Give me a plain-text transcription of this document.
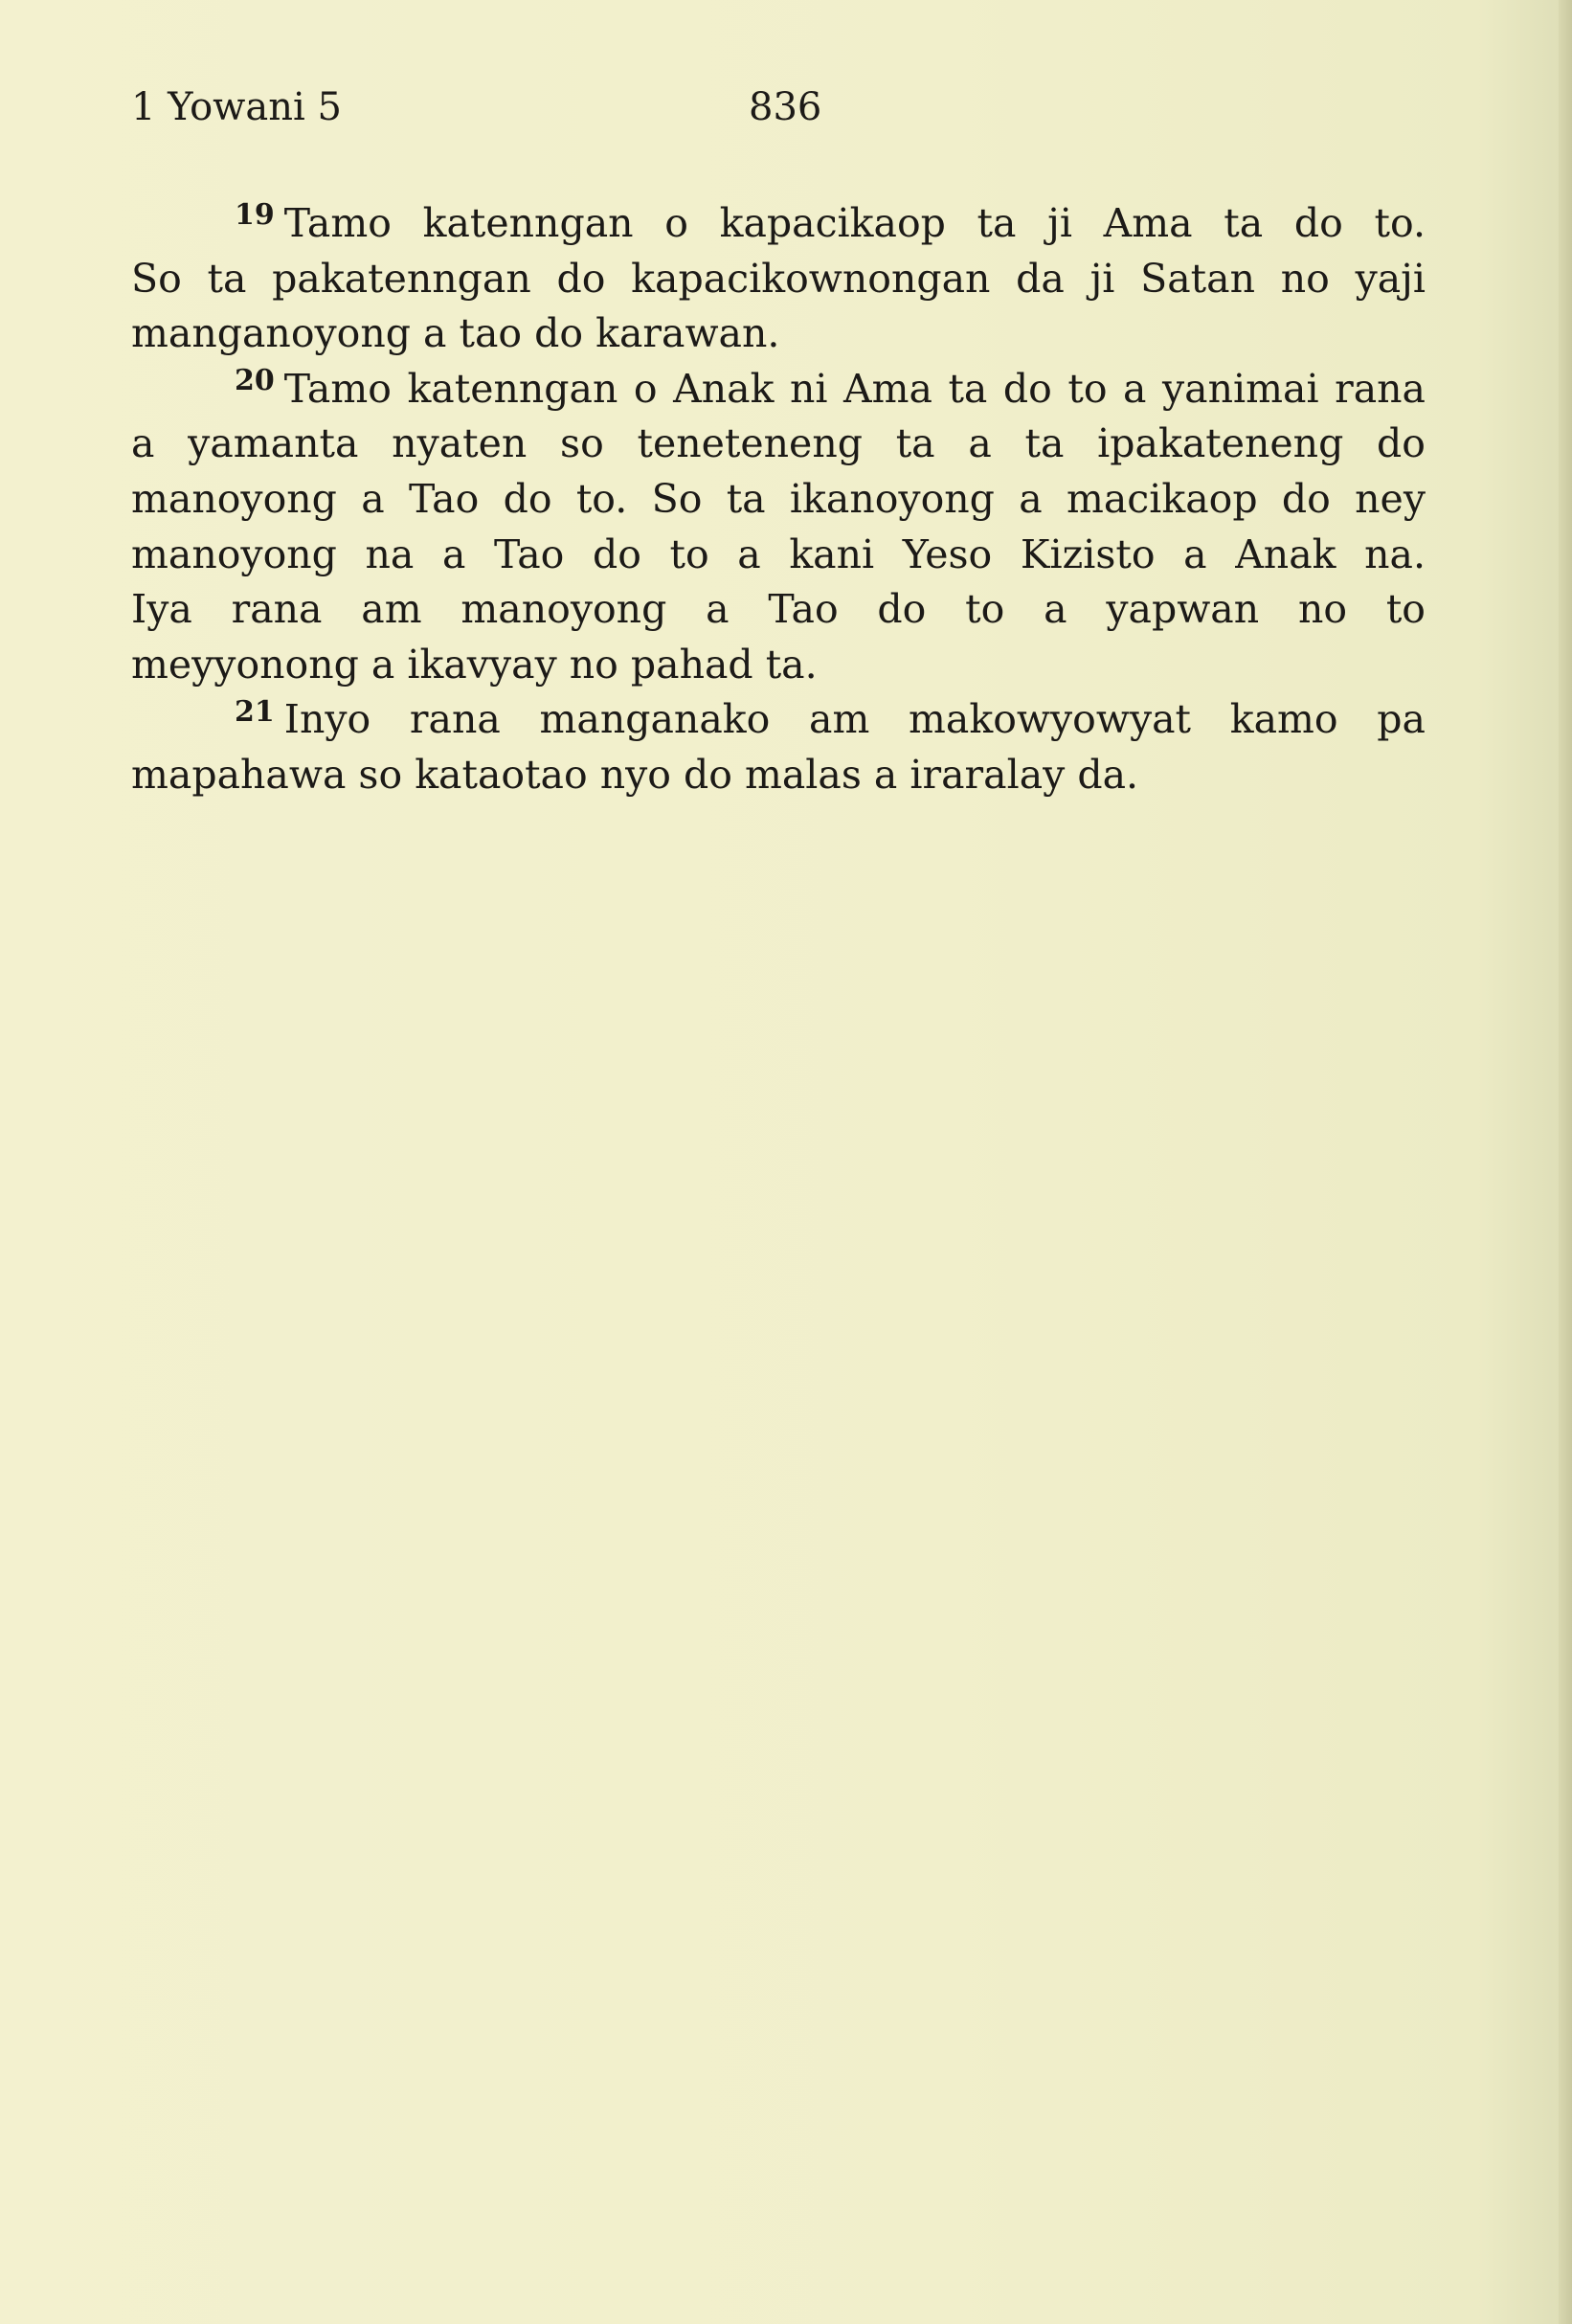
1 Yowani 5	836

$^{19}$ Tamo katenngan o kapacikaop ta ji Ama ta do to.
So ta pakatenngan do kapacikownongan da ji Satan no yaji
manganoyong a tao do karawan.

$^{20}$ Tamo katenngan o Anak ni Ama ta do to a yanimai rana
a yamanta nyaten so teneteneng ta a ta ipakateneng do
manoyong a Tao do to. So ta ikanoyong a macikaop do ney
manoyong na a Tao do to a kani Yeso Kizisto a Anak na.
Iya rana am manoyong a Tao do to a yapwan no to
meyyonong a ikavyay no pahad ta.

$^{21}$ Inyo rana manganako am makowyowyat kamo pa
mapahawa so kataotao nyo do malas a iraralay da.
